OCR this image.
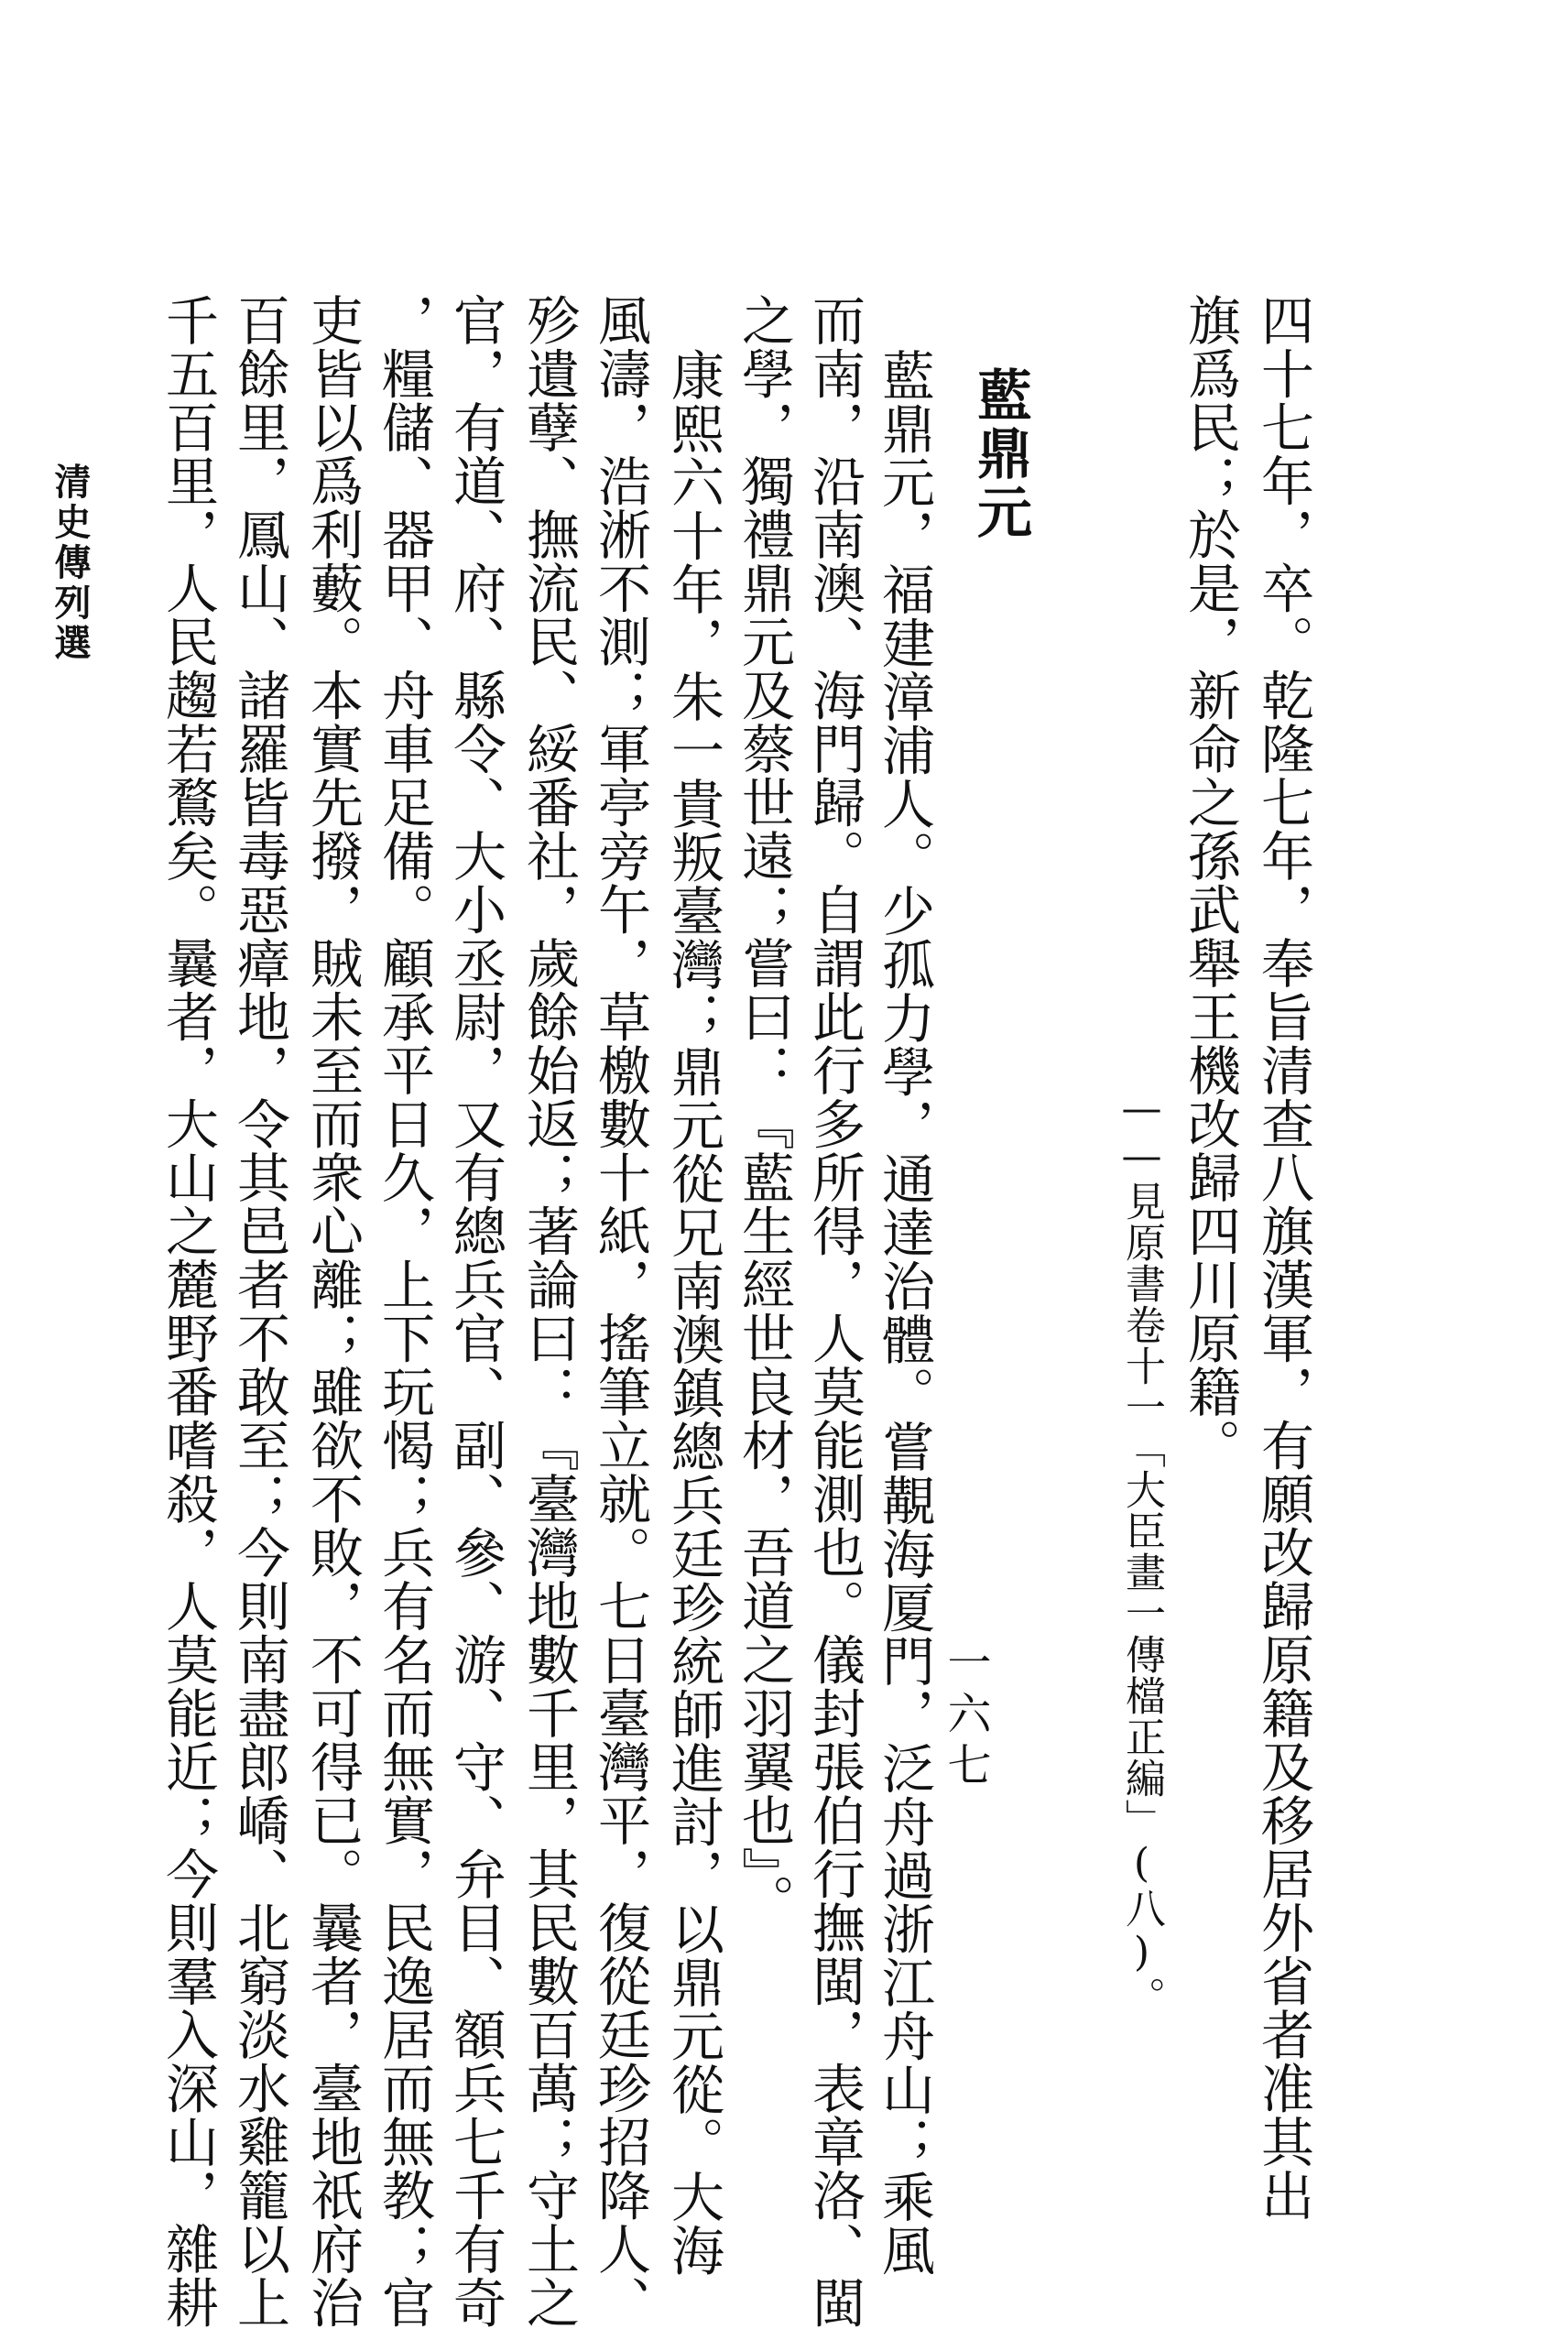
四十七年，卒。乾隆七年，奉旨清查八旗漢軍，有願改歸原籍及移居外省者准其出
旗爲民；於是，新命之孫武舉王機改歸四川原籍。
——見原書卷十一「大臣畫一傳檔正編」(八)。
藍鼎元
藍鼎元，福建漳浦人。少孤力學，通達治體。嘗覯海厦門，泛舟過浙江舟山；乘風
而南，沿南澳、海門歸。自謂此行多所得，人莫能測也。儀封張伯行撫閩，表章洛、閩
之學，獨禮鼎元及蔡世遠；嘗曰：『藍生經世良材，吾道之羽翼也』。
康熙六十年，朱一貴叛臺灣；鼎元從兄南澳鎮總兵廷珍統師進討，以鼎元從。大海
風濤，浩淅不測；軍亭旁午，草檄數十紙，搖筆立就。七日臺灣平，復從廷珍招降人、
殄遺孽、撫流民、綏番社，歲餘始返；著論曰：『臺灣地數千里，其民數百萬；守土之
官，有道、府、縣令、大小丞尉，又有總兵官、副、參、游、守、弁目、額兵七千有奇
，糧儲、器甲、舟車足備。顧承平日久，上下玩愒；兵有名而無實，民逸居而無教；官
吏皆以爲利藪。本實先撥，賊未至而衆心離；雖欲不敗，不可得已。曩者，臺地祇府治
百餘里，鳳山、諸羅皆毒惡瘴地，令其邑者不敢至；今則南盡郎嶠、北窮淡水雞籠以上
千五百里，人民趨若鶩矣。曩者，大山之麓野番嗜殺，人莫能近；今則羣入深山，雜耕	一六七
清史傳列選
